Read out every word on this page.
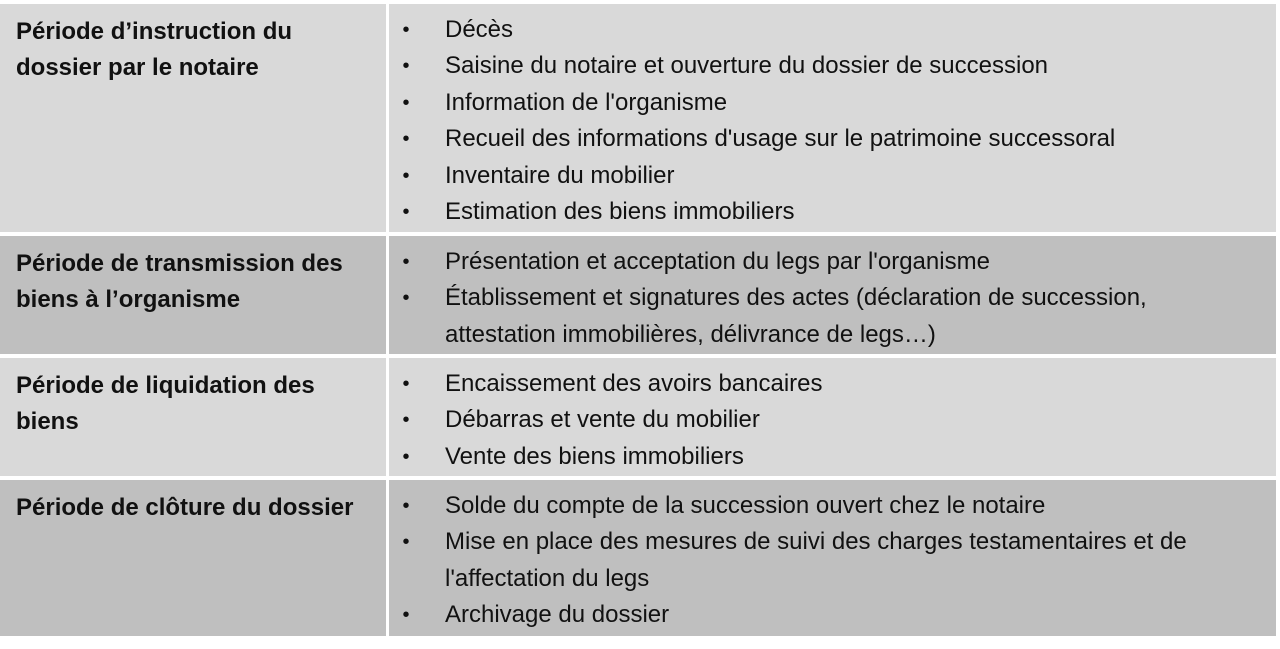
Période d’instruction du dossier par le notaire
• Décès
• Saisine du notaire et ouverture du dossier de succession
• Information de l'organisme
• Recueil des informations d'usage sur le patrimoine successoral
• Inventaire du mobilier
• Estimation des biens immobiliers
Période de transmission des biens à l’organisme
• Présentation et acceptation du legs par l'organisme
• Établissement et signatures des actes (déclaration de succession, attestation immobilières, délivrance de legs…)
Période de liquidation des biens
• Encaissement des avoirs bancaires
• Débarras et vente du mobilier
• Vente des biens immobiliers
Période de clôture du dossier	• Solde du compte de la succession ouvert chez le notaire
• Mise en place des mesures de suivi des charges testamentaires et de l'affectation du legs
• Archivage du dossier
